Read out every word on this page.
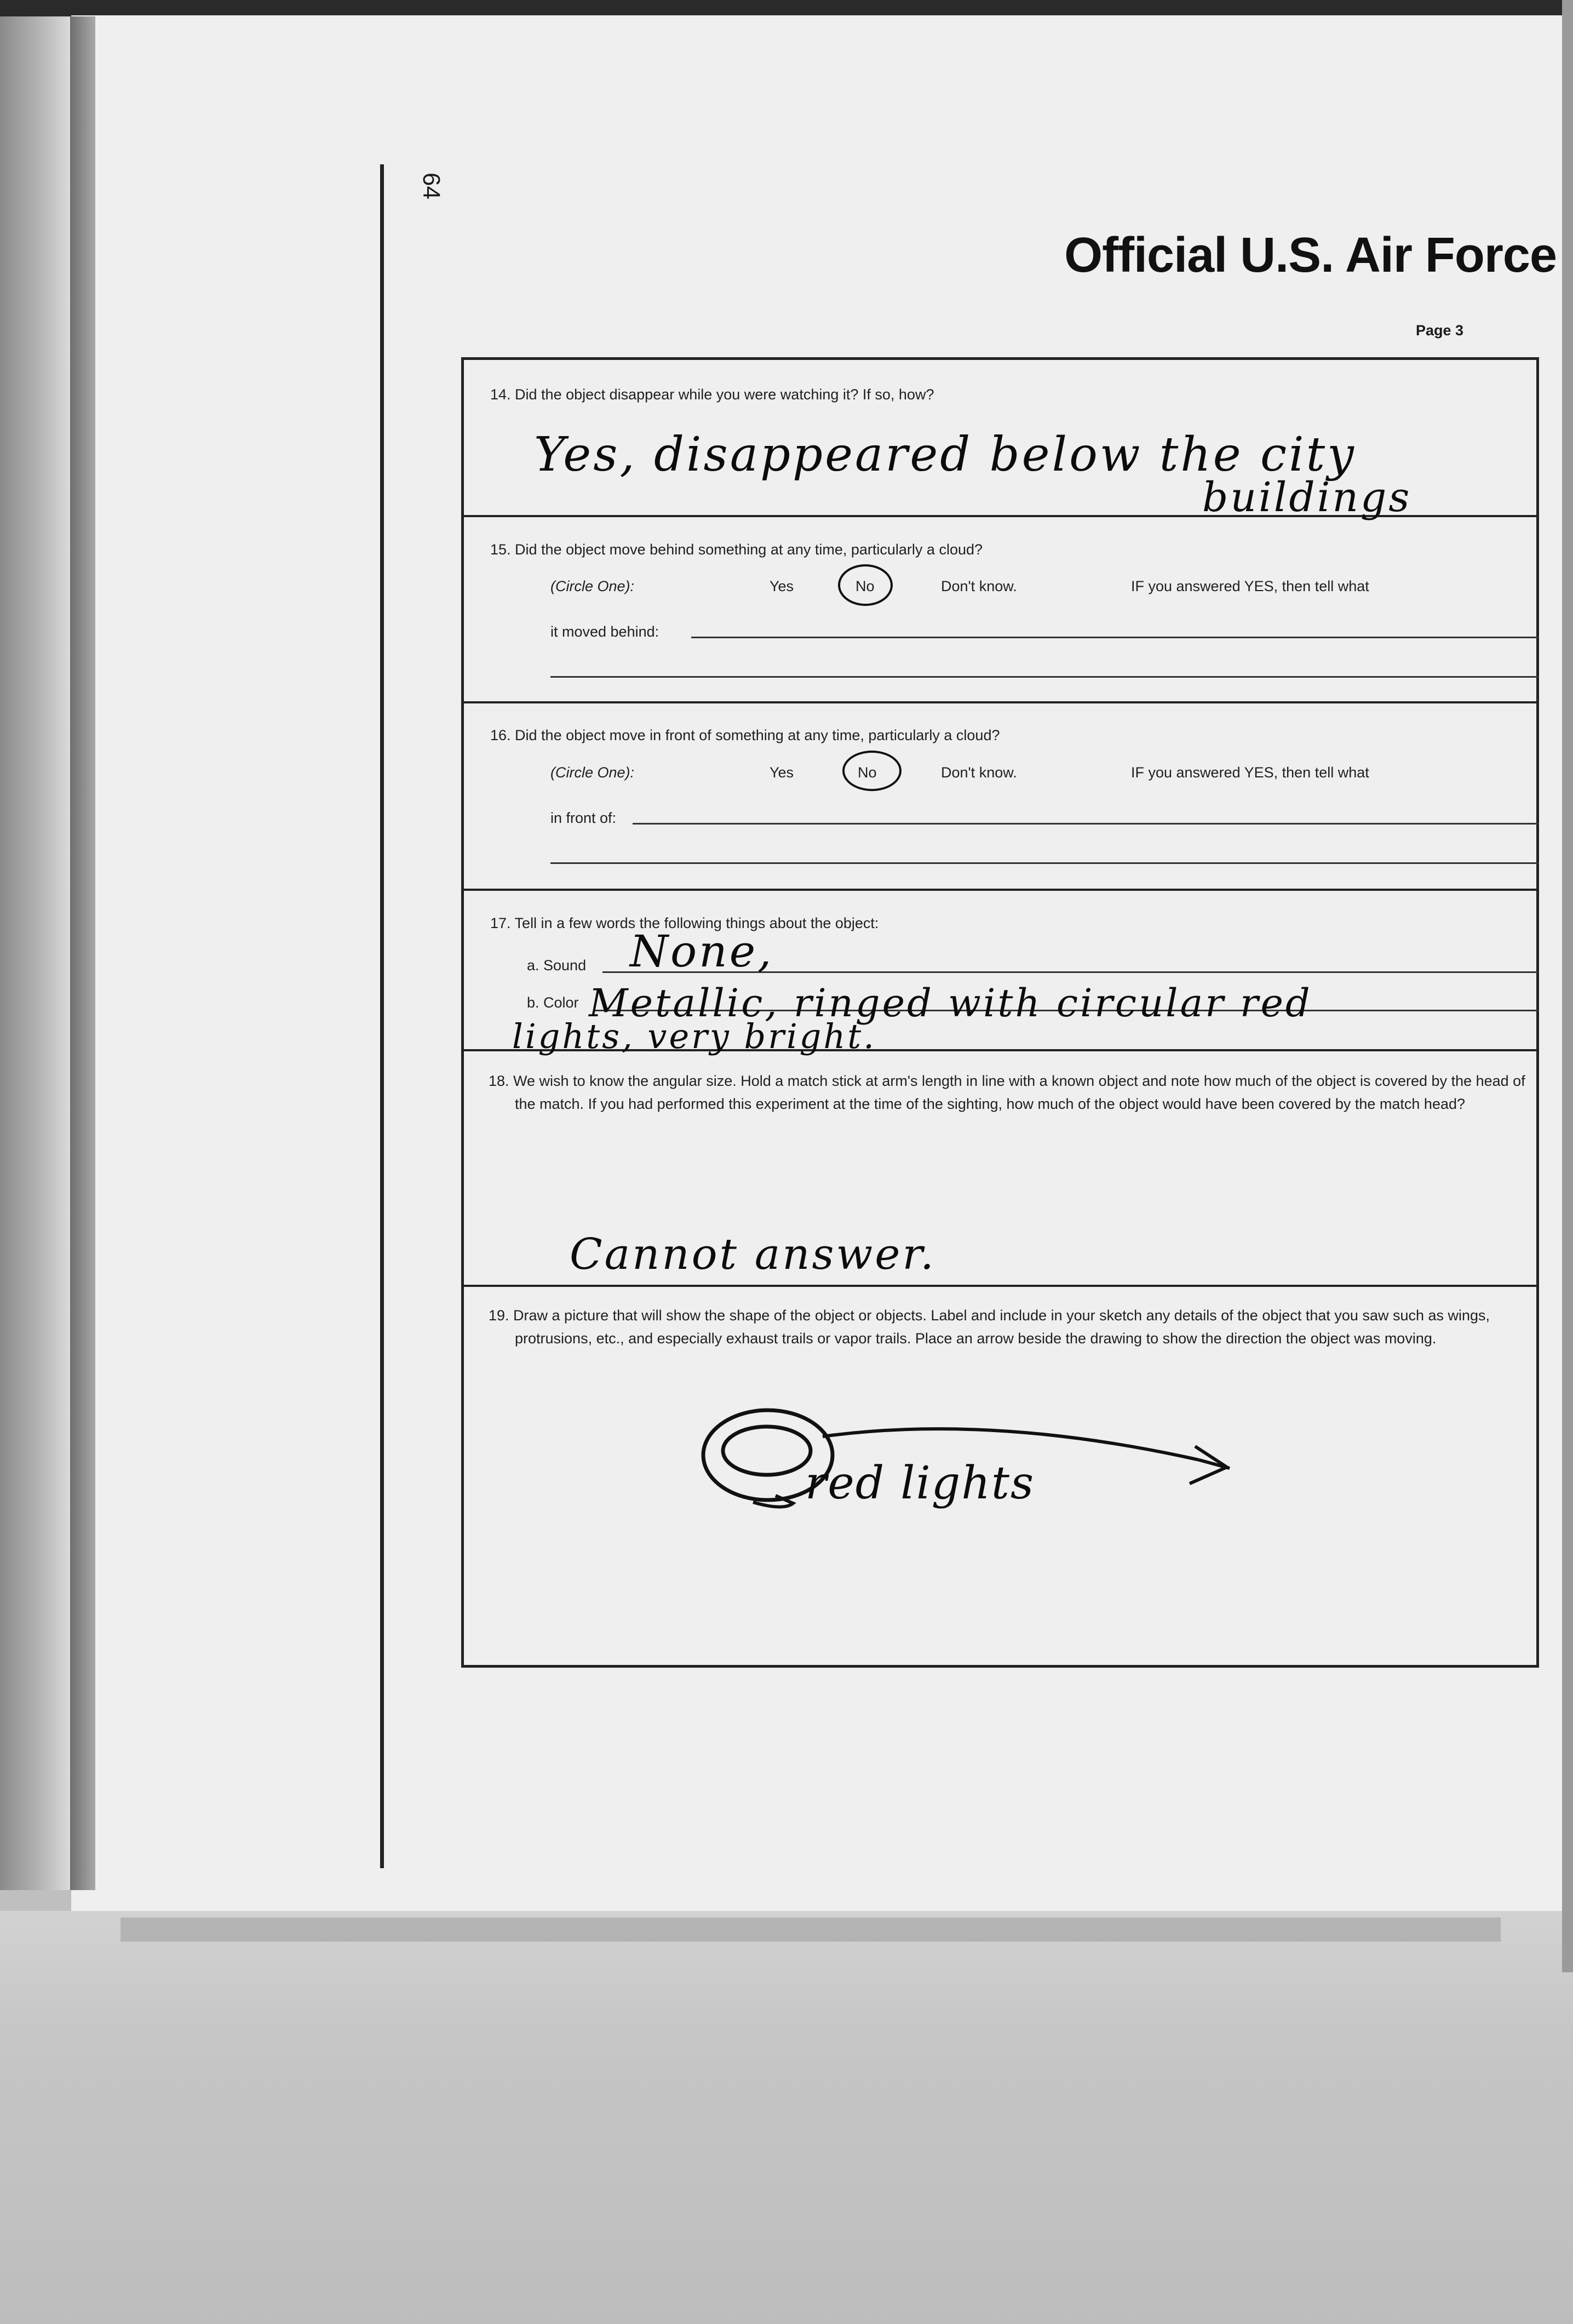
64
Official U.S. Air Force
Page 3
14. Did the object disappear while you were watching it? If so, how?
Yes, disappeared below the city
buildings
15. Did the object move behind something at any time, particularly a cloud?
(Circle One):	Yes	No	Don't know.	IF you answered YES, then tell what
it moved behind:
16. Did the object move in front of something at any time, particularly a cloud?
(Circle One):	Yes	No	Don't know.	IF you answered YES, then tell what
in front of:
17. Tell in a few words the following things about the object:
a. Sound None,
b. Color Metallic, ringed with circular red
lights, very bright.
18. We wish to know the angular size. Hold a match stick at arm's length in line with a known object and note how much of the object is covered by the head of the match. If you had performed this experiment at the time of the sighting, how much of the object would have been covered by the match head?
Cannot answer.
19. Draw a picture that will show the shape of the object or objects. Label and include in your sketch any details of the object that you saw such as wings, protrusions, etc., and especially exhaust trails or vapor trails. Place an arrow beside the drawing to show the direction the object was moving.
red lights
